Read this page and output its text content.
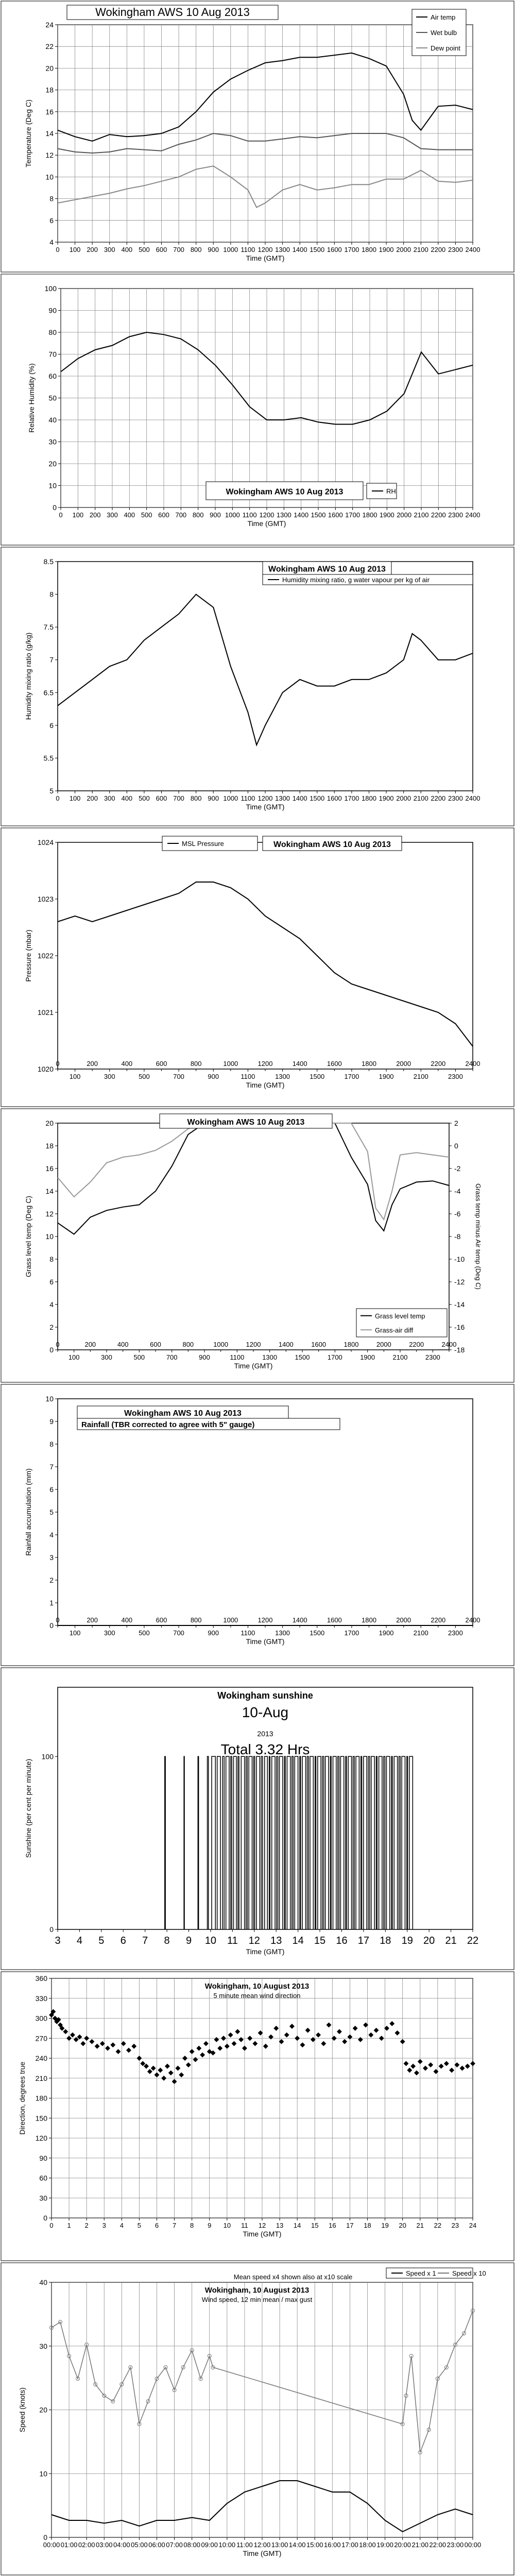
4
6
8
10
12
14
16
18
20
22
24
0 100 200 300 400 500 600 700 800 900 1000 1100 1200 1300 1400 1500 1600 1700 1800 1900 2000 2100 2200 2300 2400
Time (GMT)
Temperature (Deg C)
Wokingham AWS 10 Aug 2013	Air temp
Wet bulb
Dew point
0
10
20
30
40
50
60
70
80
90
100
0 100 200 300 400 500 600 700 800 900 1000 1100 1200 1300 1400 1500 1600 1700 1800 1900 2000 2100 2200 2300 2400
Time (GMT)
Relative Humidity (%)
Wokingham AWS 10 Aug 2013	RH
5
5.5
6
6.5
7
7.5
8
8.5
0 100 200 300 400 500 600 700 800 900 1000 1100 1200 1300 1400 1500 1600 1700 1800 1900 2000 2100 2200 2300 2400
Time (GMT)
Humidity mixing ratio (g/kg)
Wokingham AWS 10 Aug 2013
Humidity mixing ratio, g water vapour per kg of air
1020
1021
1022
1023
1024
100	300	500	700	900	1100	1300	1500	1700	1900	2100	2300
0	200	400	600	800	1000	1200	1400	1600	1800	2000	2200	2400
Time (GMT)
Pressure (mbar)
Wokingham AWS 10 Aug 2013
MSL Pressure
0
2
4
6
8
10
12
14
16
18
20
-18
-16
-14
-12
-10
-8
-6
-4
-2
0
2
100	300	500	700	900	1100	1300	1500	1700	1900	2100	2300
0	200	400	600	800	1000	1200	1400	1600	1800	2000	2200	2400
Time (GMT)
Grass level temp (Deg C)	Grass temp minus Air temp (Deg C)
Wokingham AWS 10 Aug 2013
Grass level temp
Grass-air diff
0
1
2
3
4
5
6
7
8
9
10
100	300	500	700	900	1100	1300	1500	1700	1900	2100	2300
0	200	400	600	800	1000	1200	1400	1600	1800	2000	2200	2400
Time (GMT)
Rainfall accumulation (mm)
Wokingham AWS 10 Aug 2013
Rainfall (TBR corrected to agree with 5" gauge)
0
100
3 4 5 6 7 8 9 10 11 12 13 14 15 16 17 18 19 20 21 22
Time (GMT)
Sunshine (per cent per minute)
Wokingham sunshine
10-Aug
2013
Total 3.32 Hrs
0
30
60
90
120
150
180
210
240
270
300
330
360
0 1 2 3 4 5 6 7 8 9 10 11 12 13 14 15 16 17 18 19 20 21 22 23 24
Time (GMT)
Direction, degrees true
Wokingham, 10 August 2013
5 minute mean wind direction
0
10
20
30
40
00:00 01:00 02:00 03:00 04:00 05:00 06:00 07:00 08:00 09:00 10:00 11:00 12:00 13:00 14:00 15:00 16:00 17:00 18:00 19:00 20:00 21:00 22:00 23:00 00:00
Time (GMT)
Speed (knots)
Wokingham, 10 August 2013
Wind speed, 12 min mean / max gust
Mean speed x4 shown also at x10 scale	Speed x 1 Speed x 10
